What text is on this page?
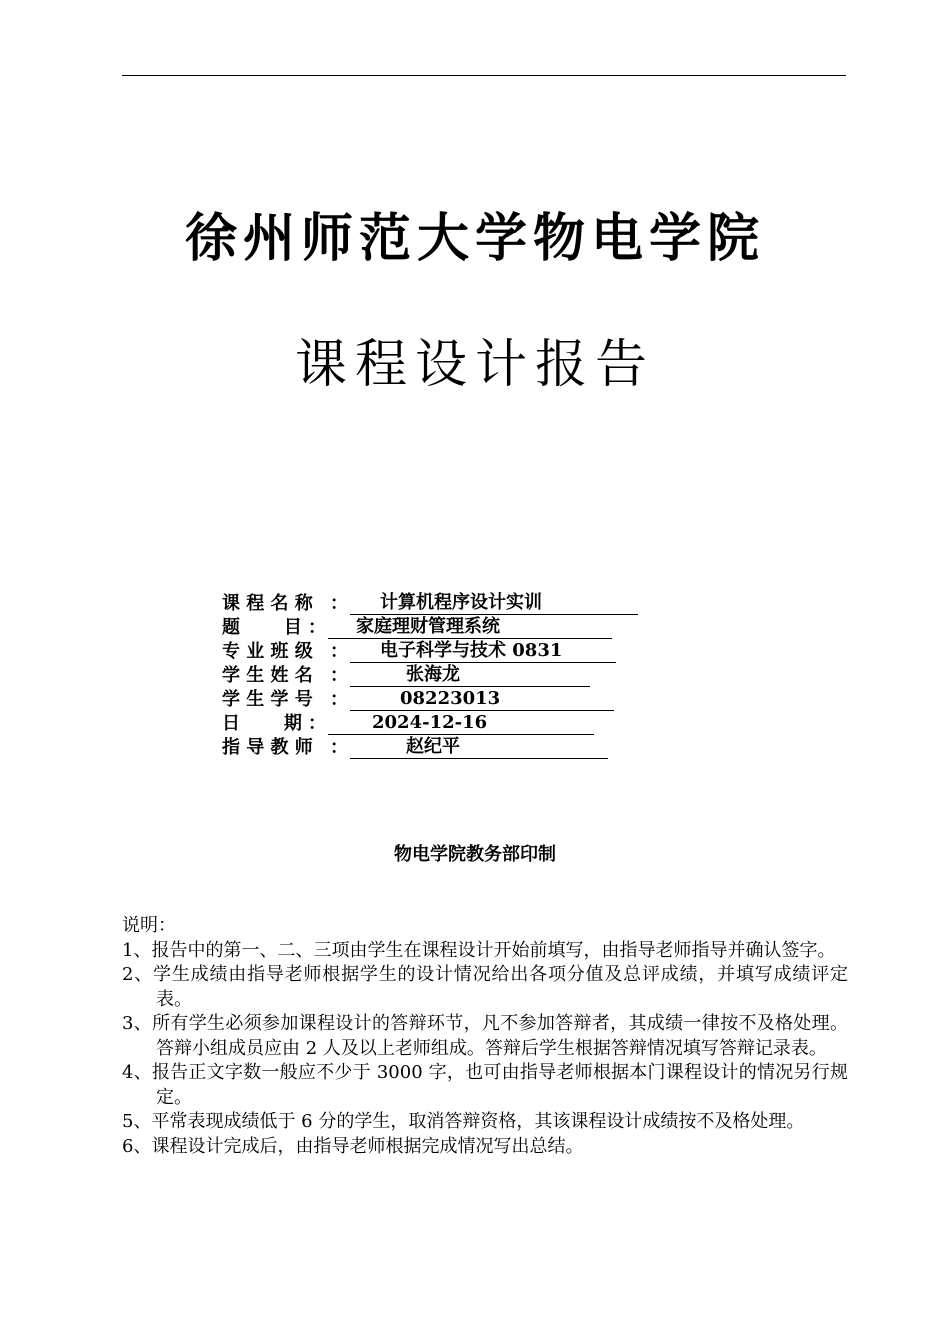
徐州师范大学物电学院
课程设计报告
课 程 名 称 ： 计算机程序设计实训
题       目 ： 家庭理财管理系统
专 业 班 级 ： 电子科学与技术 0831
学 生 姓 名 ：	张海龙
学 生 学 号 ：	08223013
日       期 ：	2024-12-16
指 导 教 师 ：	赵纪平
物电学院教务部印制
说明：
1、报告中的第一、二、三项由学生在课程设计开始前填写，由指导老师指导并确认签字。
2、学生成绩由指导老师根据学生的设计情况给出各项分值及总评成绩，并填写成绩评定表。
3、所有学生必须参加课程设计的答辩环节，凡不参加答辩者，其成绩一律按不及格处理。答辩小组成员应由 2 人及以上老师组成。答辩后学生根据答辩情况填写答辩记录表。
4、报告正文字数一般应不少于 3000 字，也可由指导老师根据本门课程设计的情况另行规定。
5、平常表现成绩低于 6 分的学生，取消答辩资格，其该课程设计成绩按不及格处理。
6、课程设计完成后，由指导老师根据完成情况写出总结。
